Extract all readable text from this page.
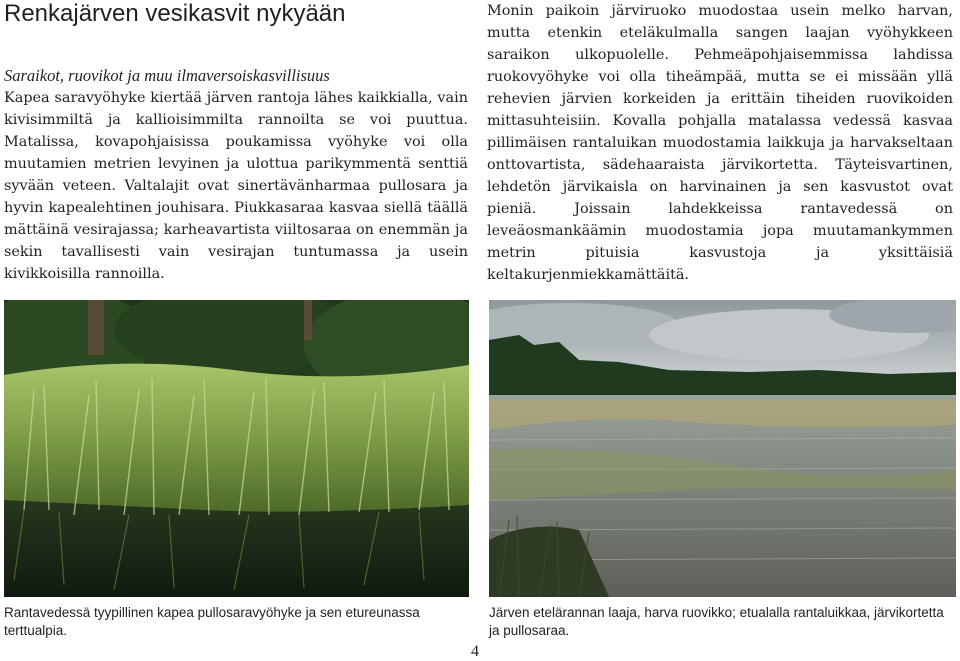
Renkajärven vesikasvit nykyään

Saraikot, ruovikot ja muu ilmaversoiskasvillisuus

Kapea saravyöhyke kiertää järven rantoja lähes kaikkialla, vain kivisimmiltä ja kallioisimmilta rannoilta se voi puuttua. Matalissa, kovapohjaisissa poukamissa vyöhyke voi olla muutamien metrien levyinen ja ulottua parikymmentä senttiä syvään veteen. Valtalajit ovat sinertävänharmaa pullosara ja hyvin kapealehtinen jouhisara. Piukkasaraa kasvaa siellä täällä mättäinä vesirajassa; karheavartista viiltosaraa on enemmän ja sekin tavallisesti vain vesirajan tuntumassa ja usein kivikkoisilla rannoilla.

Monin paikoin järviruoko muodostaa usein melko harvan, mutta etenkin eteläkulmalla sangen laajan vyöhykkeen saraikon ulkopuolelle. Pehmeäpohjaisemmissa lahdissa ruokovyöhyke voi olla tiheämpää, mutta se ei missään yllä rehevien järvien korkeiden ja erittäin tiheiden ruovikoiden mittasuhteisiin. Kovalla pohjalla matalassa vedessä kasvaa pillimäisen rantaluikan muodostamia laikkuja ja harvakseltaan onttovartista, sädehaaraista järvikortetta. Täyteisvartinen, lehdetön järvikaisla on harvinainen ja sen kasvustot ovat pieniä. Joissain lahdekkeissa rantavedessä on leveäosmankäämin muodostamia jopa muutamankymmen metrin pituisia kasvustoja ja yksittäisiä keltakurjenmiekkamättäitä.

Rantavedessä tyypillinen kapea pullosaravyöhyke ja sen etureunassa terttualpia.
Järven etelärannan laaja, harva ruovikko; etualalla rantaluikkaa, järvikortetta ja pullosaraa.
4
